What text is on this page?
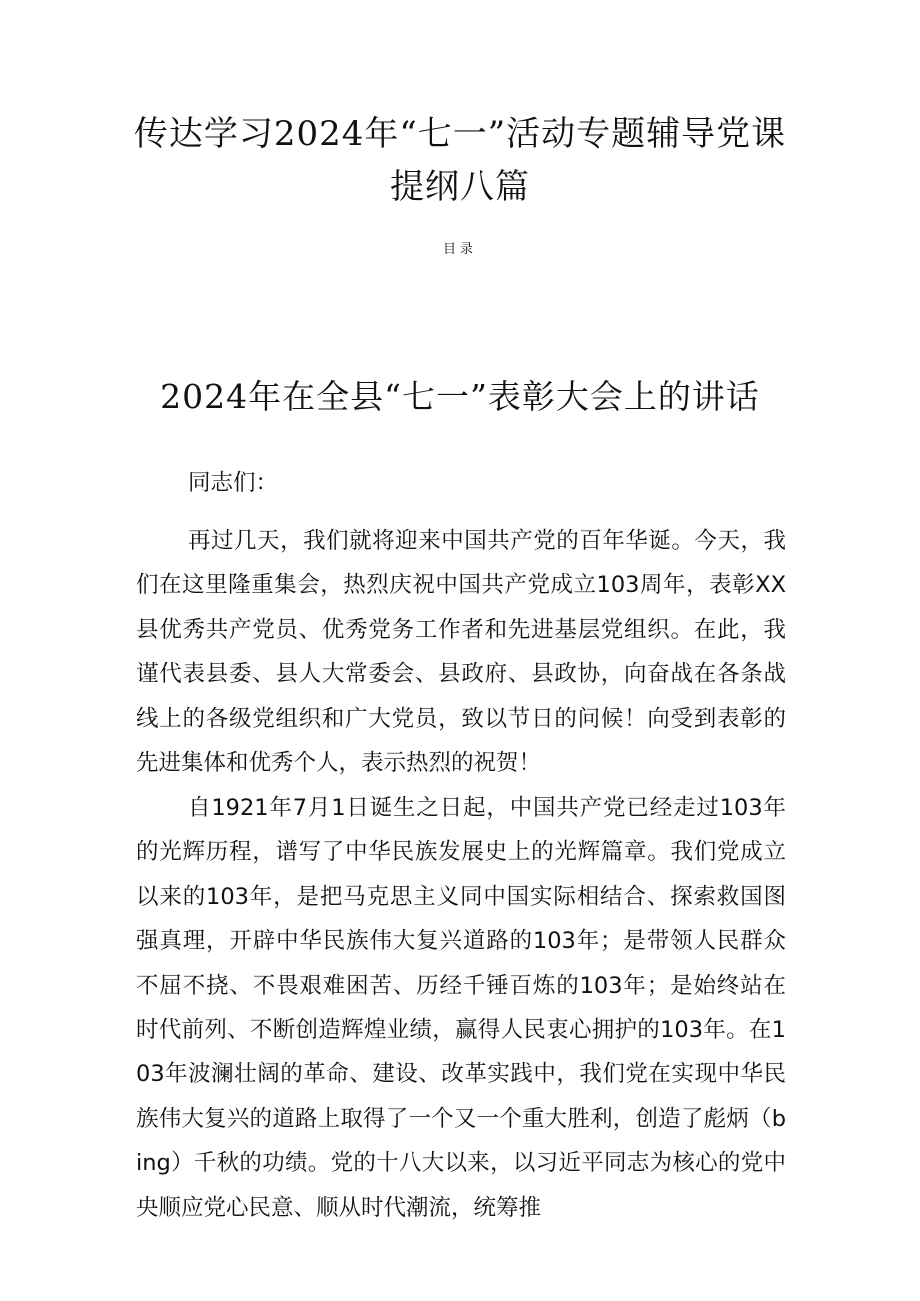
传达学习2024年“七一”活动专题辅导党课提纲八篇
目录
2024年在全县“七一”表彰大会上的讲话

同志们：

再过几天，我们就将迎来中国共产党的百年华诞。今天，我们在这里隆重集会，热烈庆祝中国共产党成立103周年，表彰XX县优秀共产党员、优秀党务工作者和先进基层党组织。在此，我谨代表县委、县人大常委会、县政府、县政协，向奋战在各条战线上的各级党组织和广大党员，致以节日的问候！向受到表彰的先进集体和优秀个人，表示热烈的祝贺！

自1921年7月1日诞生之日起，中国共产党已经走过103年的光辉历程，谱写了中华民族发展史上的光辉篇章。我们党成立以来的103年，是把马克思主义同中国实际相结合、探索救国图强真理，开辟中华民族伟大复兴道路的103年；是带领人民群众不屈不挠、不畏艰难困苦、历经千锤百炼的103年；是始终站在时代前列、不断创造辉煌业绩，赢得人民衷心拥护的103年。在103年波澜壮阔的革命、建设、改革实践中，我们党在实现中华民族伟大复兴的道路上取得了一个又一个重大胜利，创造了彪炳（bing）千秋的功绩。党的十八大以来，以习近平同志为核心的党中央顺应党心民意、顺从时代潮流，统筹推
